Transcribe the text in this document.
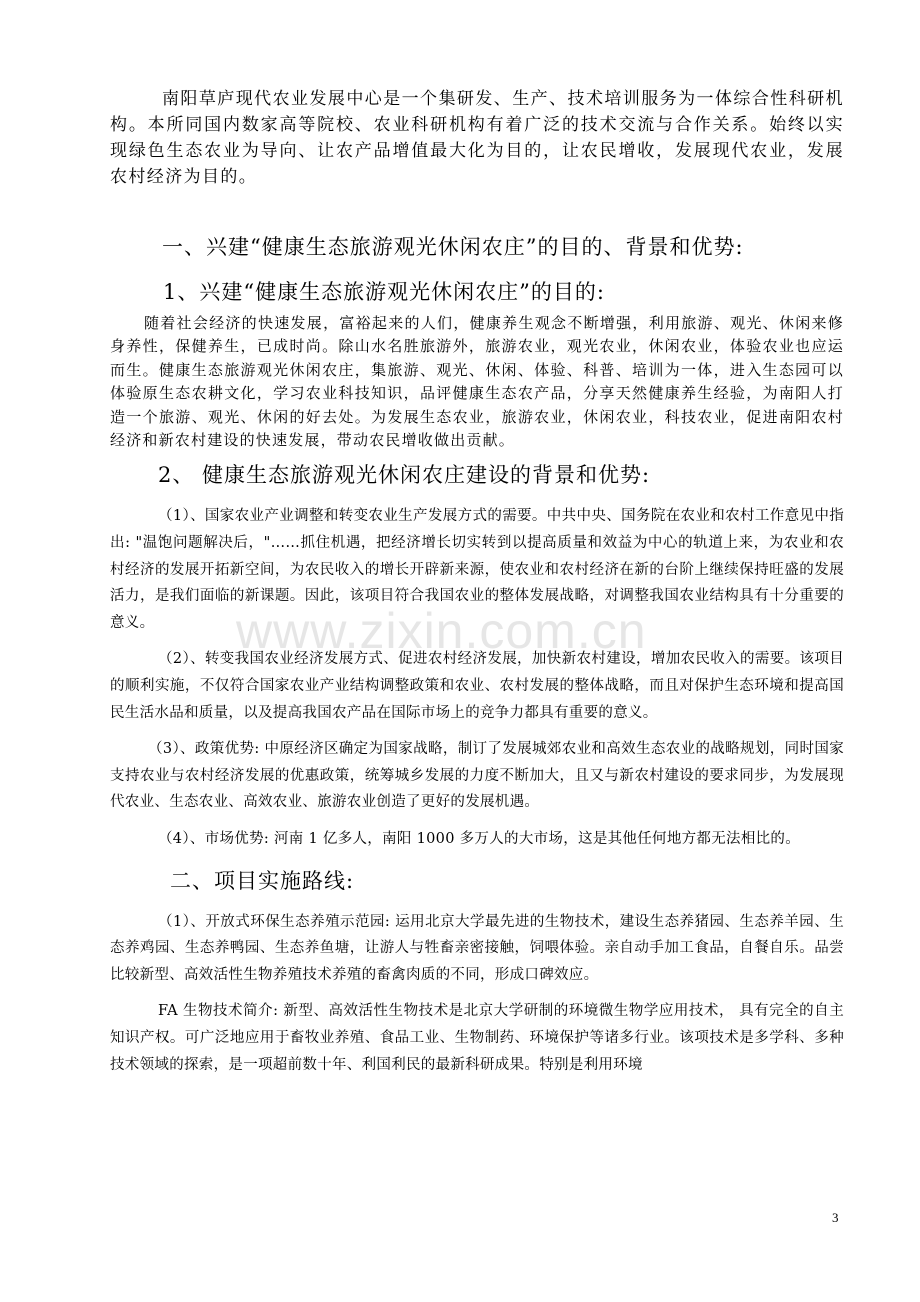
www.zixin.com.cn

南阳草庐现代农业发展中心是一个集研发、生产、技术培训服务为一体综合性科研机构。本所同国内数家高等院校、农业科研机构有着广泛的技术交流与合作关系。始终以实现绿色生态农业为导向、让农产品增值最大化为目的，让农民增收，发展现代农业，发展农村经济为目的。

一、兴建“健康生态旅游观光休闲农庄”的目的、背景和优势:

1、兴建“健康生态旅游观光休闲农庄”的目的:

随着社会经济的快速发展，富裕起来的人们，健康养生观念不断增强，利用旅游、观光、休闲来修身养性，保健养生，已成时尚。除山水名胜旅游外，旅游农业，观光农业，休闲农业，体验农业也应运而生。健康生态旅游观光休闲农庄，集旅游、观光、休闲、体验、科普、培训为一体，进入生态园可以体验原生态农耕文化，学习农业科技知识，品评健康生态农产品，分享天然健康养生经验，为南阳人打造一个旅游、观光、休闲的好去处。为发展生态农业，旅游农业，休闲农业，科技农业，促进南阳农村经济和新农村建设的快速发展，带动农民增收做出贡献。

2、 健康生态旅游观光休闲农庄建设的背景和优势:

（1）、国家农业产业调整和转变农业生产发展方式的需要。中共中央、国务院在农业和农村工作意见中指出: "温饱问题解决后，"……抓住机遇，把经济增长切实转到以提高质量和效益为中心的轨道上来，为农业和农村经济的发展开拓新空间，为农民收入的增长开辟新来源，使农业和农村经济在新的台阶上继续保持旺盛的发展活力，是我们面临的新课题。因此，该项目符合我国农业的整体发展战略，对调整我国农业结构具有十分重要的意义。

（2）、转变我国农业经济发展方式、促进农村经济发展，加快新农村建设，增加农民收入的需要。该项目的顺利实施，不仅符合国家农业产业结构调整政策和农业、农村发展的整体战略，而且对保护生态环境和提高国民生活水品和质量，以及提高我国农产品在国际市场上的竞争力都具有重要的意义。

（3）、政策优势: 中原经济区确定为国家战略，制订了发展城郊农业和高效生态农业的战略规划，同时国家支持农业与农村经济发展的优惠政策，统筹城乡发展的力度不断加大，且又与新农村建设的要求同步，为发展现代农业、生态农业、高效农业、旅游农业创造了更好的发展机遇。

（4）、市场优势: 河南 1 亿多人，南阳 1000 多万人的大市场，这是其他任何地方都无法相比的。

二、项目实施路线:

（1）、开放式环保生态养殖示范园: 运用北京大学最先进的生物技术，建设生态养猪园、生态养羊园、生态养鸡园、生态养鸭园、生态养鱼塘，让游人与牲畜亲密接触，饲喂体验。亲自动手加工食品，自餐自乐。品尝比较新型、高效活性生物养殖技术养殖的畜禽肉质的不同，形成口碑效应。

FA 生物技术简介: 新型、高效活性生物技术是北京大学研制的环境微生物学应用技术， 具有完全的自主知识产权。可广泛地应用于畜牧业养殖、食品工业、生物制药、环境保护等诸多行业。该项技术是多学科、多种技术领域的探索，是一项超前数十年、利国利民的最新科研成果。特别是利用环境

3
